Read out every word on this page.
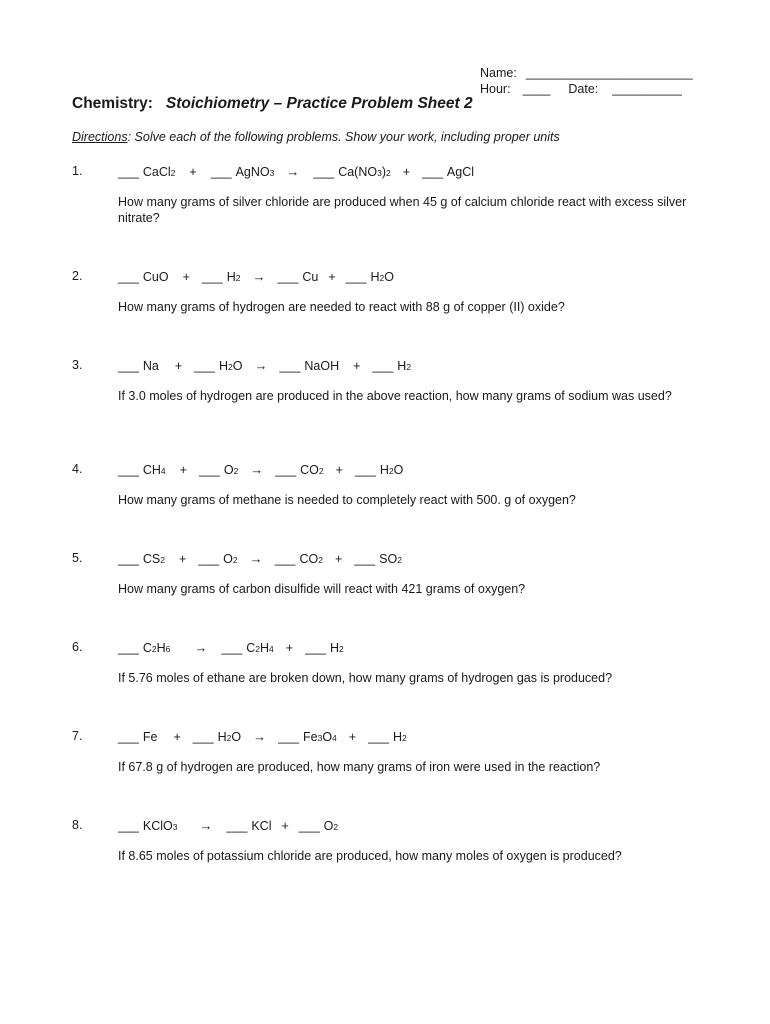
Name: ________________________
Hour: ____ Date: __________
Chemistry: Stoichiometry – Practice Problem Sheet 2
Directions: Solve each of the following problems. Show your work, including proper units
1.	___ CaCl 2 + ___ AgNO 3 → ___ Ca(NO 3 ) 2 + ___ AgCl
How many grams of silver chloride are produced when 45 g of calcium chloride react with excess silver nitrate?
2.	___ CuO + ___ H 2 → ___ Cu + ___ H 2 O
How many grams of hydrogen are needed to react with 88 g of copper (II) oxide?
3.	___ Na + ___ H 2 O → ___ NaOH + ___ H 2
If 3.0 moles of hydrogen are produced in the above reaction, how many grams of sodium was used?
4.	___ CH 4 + ___ O 2 → ___ CO 2 + ___ H 2 O
How many grams of methane is needed to completely react with 500. g of oxygen?
5.	___ CS 2 + ___ O 2 → ___ CO 2 + ___ SO 2
How many grams of carbon disulfide will react with 421 grams of oxygen?
6.	___ C 2 H 6 → ___ C 2 H 4 + ___ H 2
If 5.76 moles of ethane are broken down, how many grams of hydrogen gas is produced?
7.	___ Fe + ___ H 2 O → ___ Fe 3 O 4 + ___ H 2
If 67.8 g of hydrogen are produced, how many grams of iron were used in the reaction?
8.	___ KClO 3 → ___ KCl + ___ O 2
If 8.65 moles of potassium chloride are produced, how many moles of oxygen is produced?
